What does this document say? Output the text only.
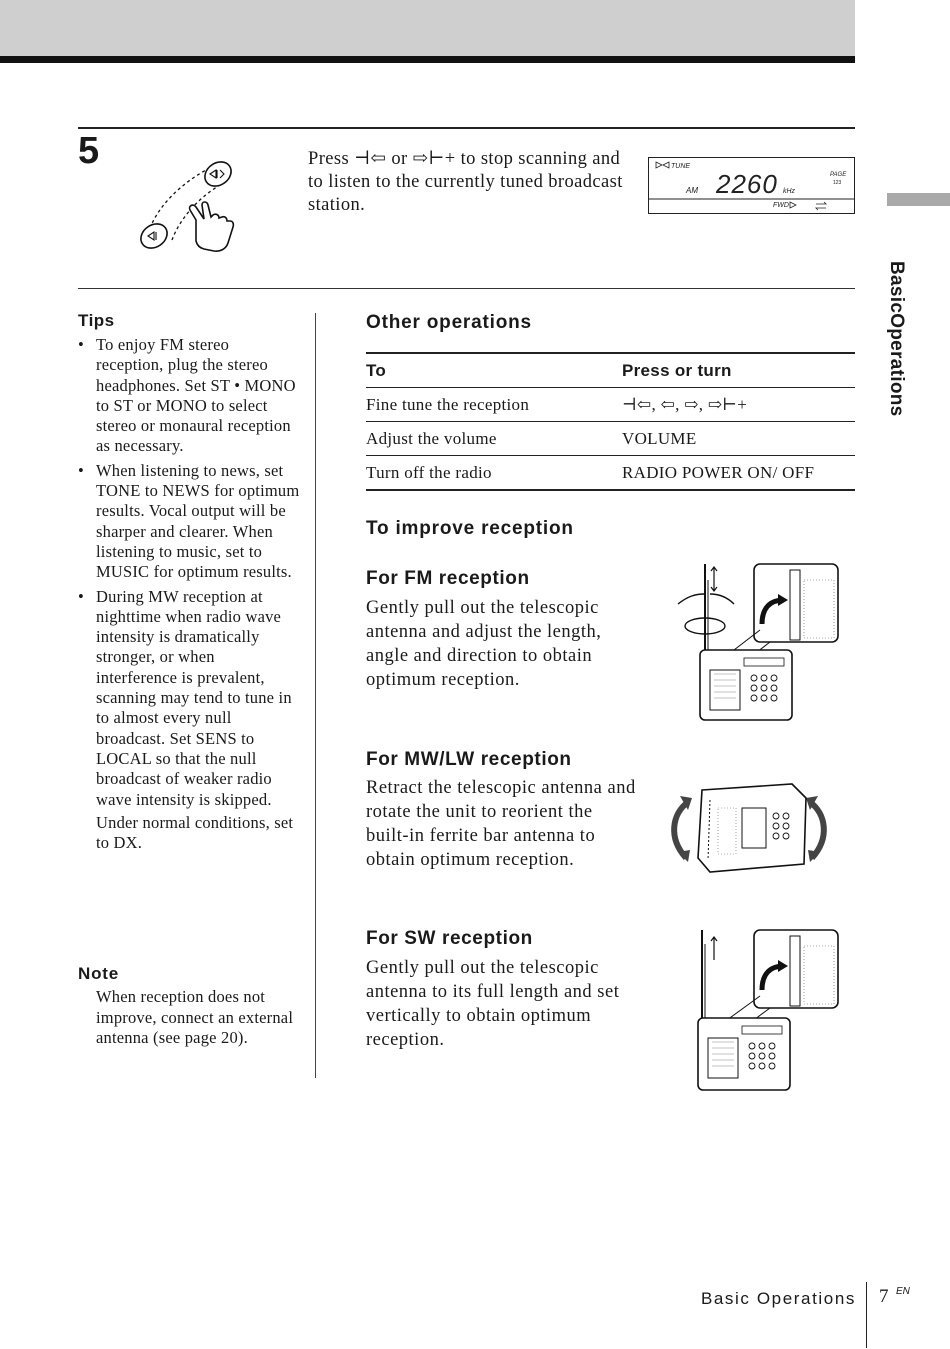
BasicOperations
5	Press ⊣⇦ or ⇨⊢+ to stop scanning and to listen to the currently tuned broadcast station.
TUNE
AM 2260 kHz
PAGE
123
FWD
Tips
• To enjoy FM stereo reception, plug the stereo headphones. Set ST • MONO to ST or MONO to select stereo or monaural reception as necessary.
• When listening to news, set TONE to NEWS for optimum results. Vocal output will be sharper and clearer. When listening to music, set to MUSIC for optimum results.
• During MW reception at nighttime when radio wave intensity is dramatically stronger, or when interference is prevalent, scanning may tend to tune in to almost every null broadcast. Set SENS to LOCAL so that the null broadcast of weaker radio wave intensity is skipped.
Under normal conditions, set to DX.
Note
When reception does not improve, connect an external antenna (see page 20).
Other operations
To	Press or turn
Fine tune the reception	⊣⇦, ⇦, ⇨, ⇨⊢+
Adjust the volume	VOLUME
Turn off the radio	RADIO POWER ON/ OFF
To improve reception
For FM reception
Gently pull out the telescopic antenna and adjust the length, angle and direction to obtain optimum reception.
For MW/LW reception
Retract the telescopic antenna and rotate the unit to reorient the built-in ferrite bar antenna to obtain optimum reception.
For SW reception
Gently pull out the telescopic antenna to its full length and set vertically to obtain optimum reception.
Basic Operations 7 EN
